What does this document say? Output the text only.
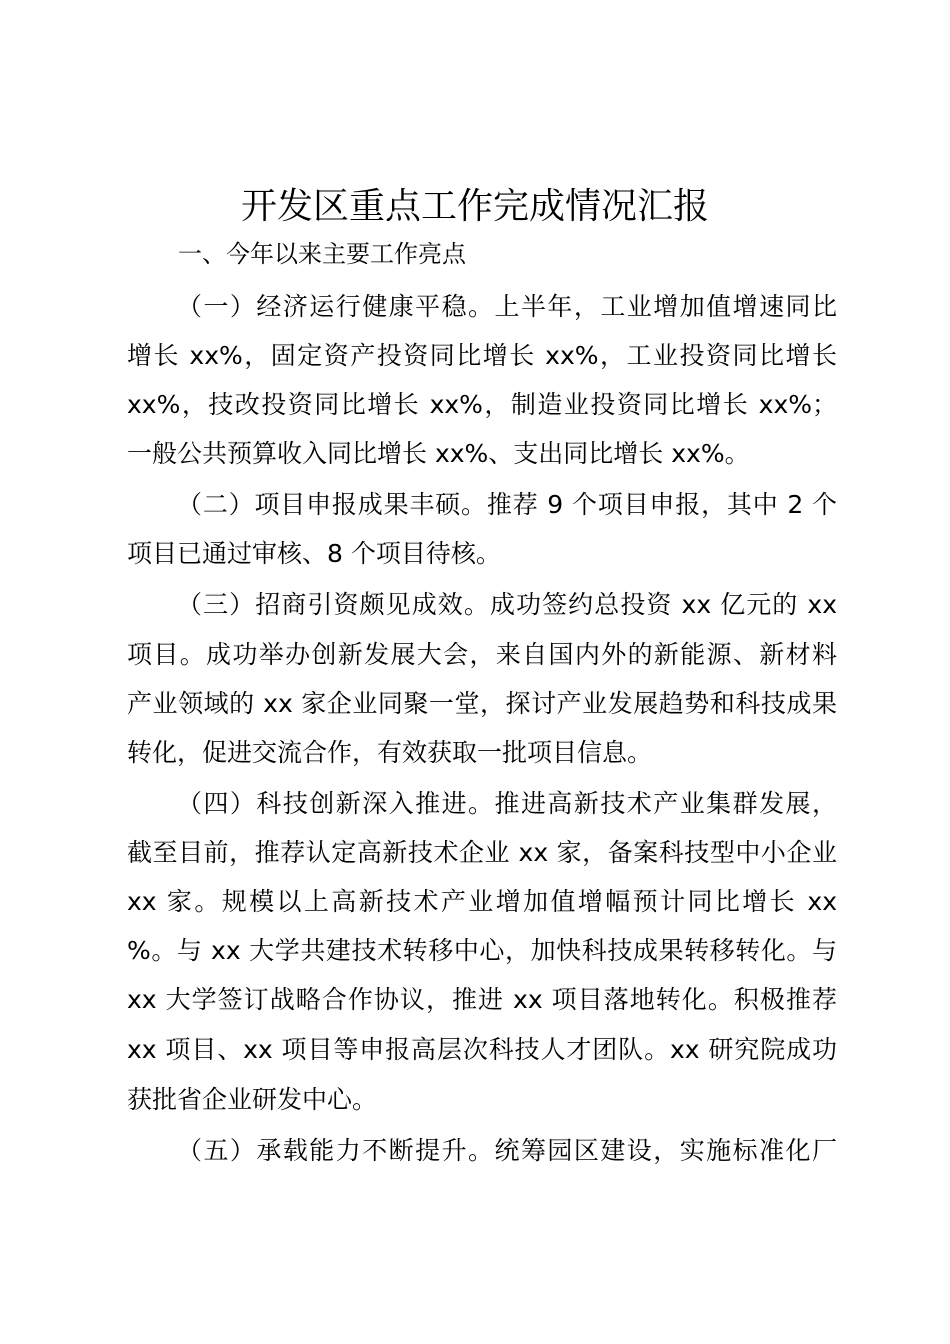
开发区重点工作完成情况汇报
一、今年以来主要工作亮点
（一）经济运行健康平稳。上半年，工业增加值增速同比
增长 xx%，固定资产投资同比增长 xx%，工业投资同比增长
xx%，技改投资同比增长 xx%，制造业投资同比增长 xx%；
一般公共预算收入同比增长 xx%、支出同比增长 xx%。
（二）项目申报成果丰硕。推荐 9 个项目申报，其中 2 个
项目已通过审核、8 个项目待核。
（三）招商引资颇见成效。成功签约总投资 xx 亿元的 xx
项目。成功举办创新发展大会，来自国内外的新能源、新材料
产业领域的 xx 家企业同聚一堂，探讨产业发展趋势和科技成果
转化，促进交流合作，有效获取一批项目信息。
（四）科技创新深入推进。推进高新技术产业集群发展，
截至目前，推荐认定高新技术企业 xx 家，备案科技型中小企业
xx 家。规模以上高新技术产业增加值增幅预计同比增长 xx
%。与 xx 大学共建技术转移中心，加快科技成果转移转化。与
xx 大学签订战略合作协议，推进 xx 项目落地转化。积极推荐
xx 项目、xx 项目等申报高层次科技人才团队。xx 研究院成功
获批省企业研发中心。
（五）承载能力不断提升。统筹园区建设，实施标准化厂
